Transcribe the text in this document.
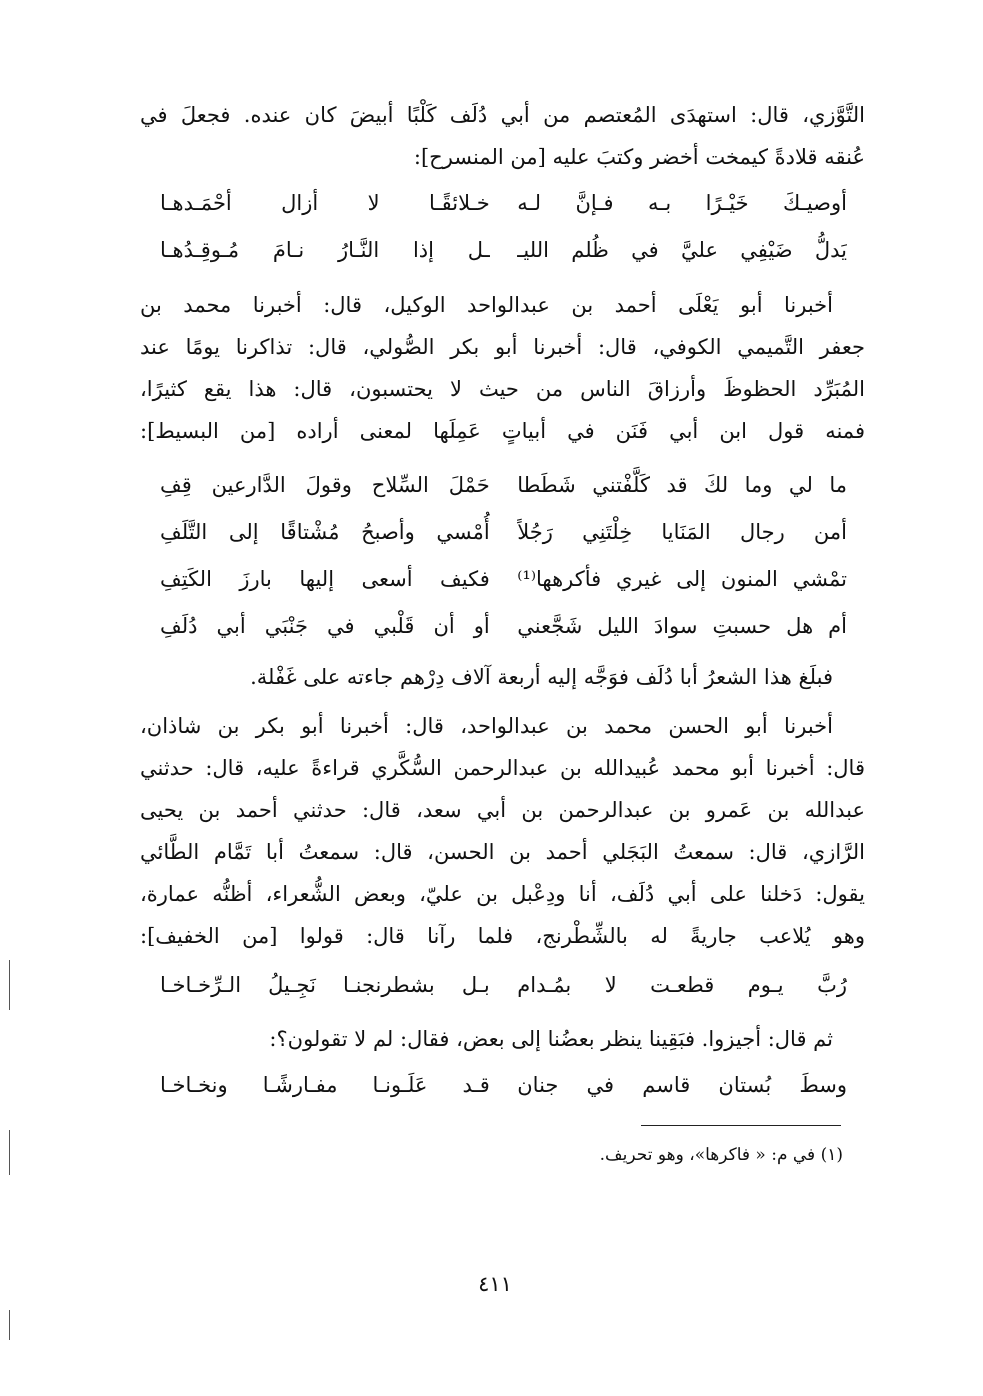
التَّوَّزي، قال: استهدَى المُعتصم من أبي دُلَف كَلْبًا أبيضَ كان عنده. فجعلَ في
عُنقه قلادةً كيمخت أخضر وكتبَ عليه [من المنسرح]:
أوصيـكَ خَيْـرًا بـه فـإنَّ لـه
خـلائقًـا لا أزال أحْمَـدهـا
يَدلُّ ضَيْفِي عليَّ في ظُلم الليـ
ـل إذا النَّـارُ نـامَ مُـوقِـدُهـا
أخبرنا أبو يَعْلَى أحمد بن عبدالواحد الوكيل، قال: أخبرنا محمد بن
جعفر التَّميمي الكوفي، قال: أخبرنا أبو بكر الصُّولي، قال: تذاكرنا يومًا عند
المُبَرِّد الحظوظَ وأرزاقَ الناس من حيث لا يحتسبون، قال: هذا يقع كثيرًا،
فمنه قول ابن أبي فَنَن في أبياتٍ عَمِلَها لمعنى أراده [من البسيط]:
ما لي وما لكَ قد كَلَّفْتني شَطَطا
حَمْلَ السِّلاح وقولَ الدَّارعين قِفِ
أمن رجال المَنَايا خِلْتَنِي رَجُلاً
أُمْسي وأصبحُ مُشْتاقًا إلى التَّلَفِ
تمْشي المنون إلى غيري فأكرهها⁽¹⁾
فكيف أسعى إليها بارزَ الكَتِفِ
أم هل حسبتِ سوادَ الليل شَجَّعني
أو أن قَلْبي في جَنْبَي أبي دُلَفِ
فبلَغ هذا الشعرُ أبا دُلَف فوَجَّه إليه أربعة آلاف دِرْهم جاءته على غَفْلة.
أخبرنا أبو الحسن محمد بن عبدالواحد، قال: أخبرنا أبو بكر بن شاذان،
قال: أخبرنا أبو محمد عُبيدالله بن عبدالرحمن السُّكَّري قراءةً عليه، قال: حدثني
عبدالله بن عَمرو بن عبدالرحمن بن أبي سعد، قال: حدثني أحمد بن يحيى
الرَّازي، قال: سمعتُ البَجَلي أحمد بن الحسن، قال: سمعتُ أبا تَمَّام الطَّائي
يقول: دَخلنا على أبي دُلَف، أنا ودِعْبل بن عليّ، وبعض الشُّعراء، أظنُّه عمارة،
وهو يُلاعب جاريةً له بالشِّطْرنج، فلما رآنا قال: قولوا [من الخفيف]:
رُبَّ يـوم قطعـت لا بمُـدام
بـل بشطرنجنـا نَجِـيلُ الـرِّخـاخـا
ثم قال: أجيزوا. فبَقِينا ينظر بعضُنا إلى بعض، فقال: لم لا تقولون؟:
وسطَ بُستان قاسم في جنان
قـد عَلَـونـا مفـارشًـا ونخـاخـا
(١) في م: « فاكرها»، وهو تحريف.
٤١١
